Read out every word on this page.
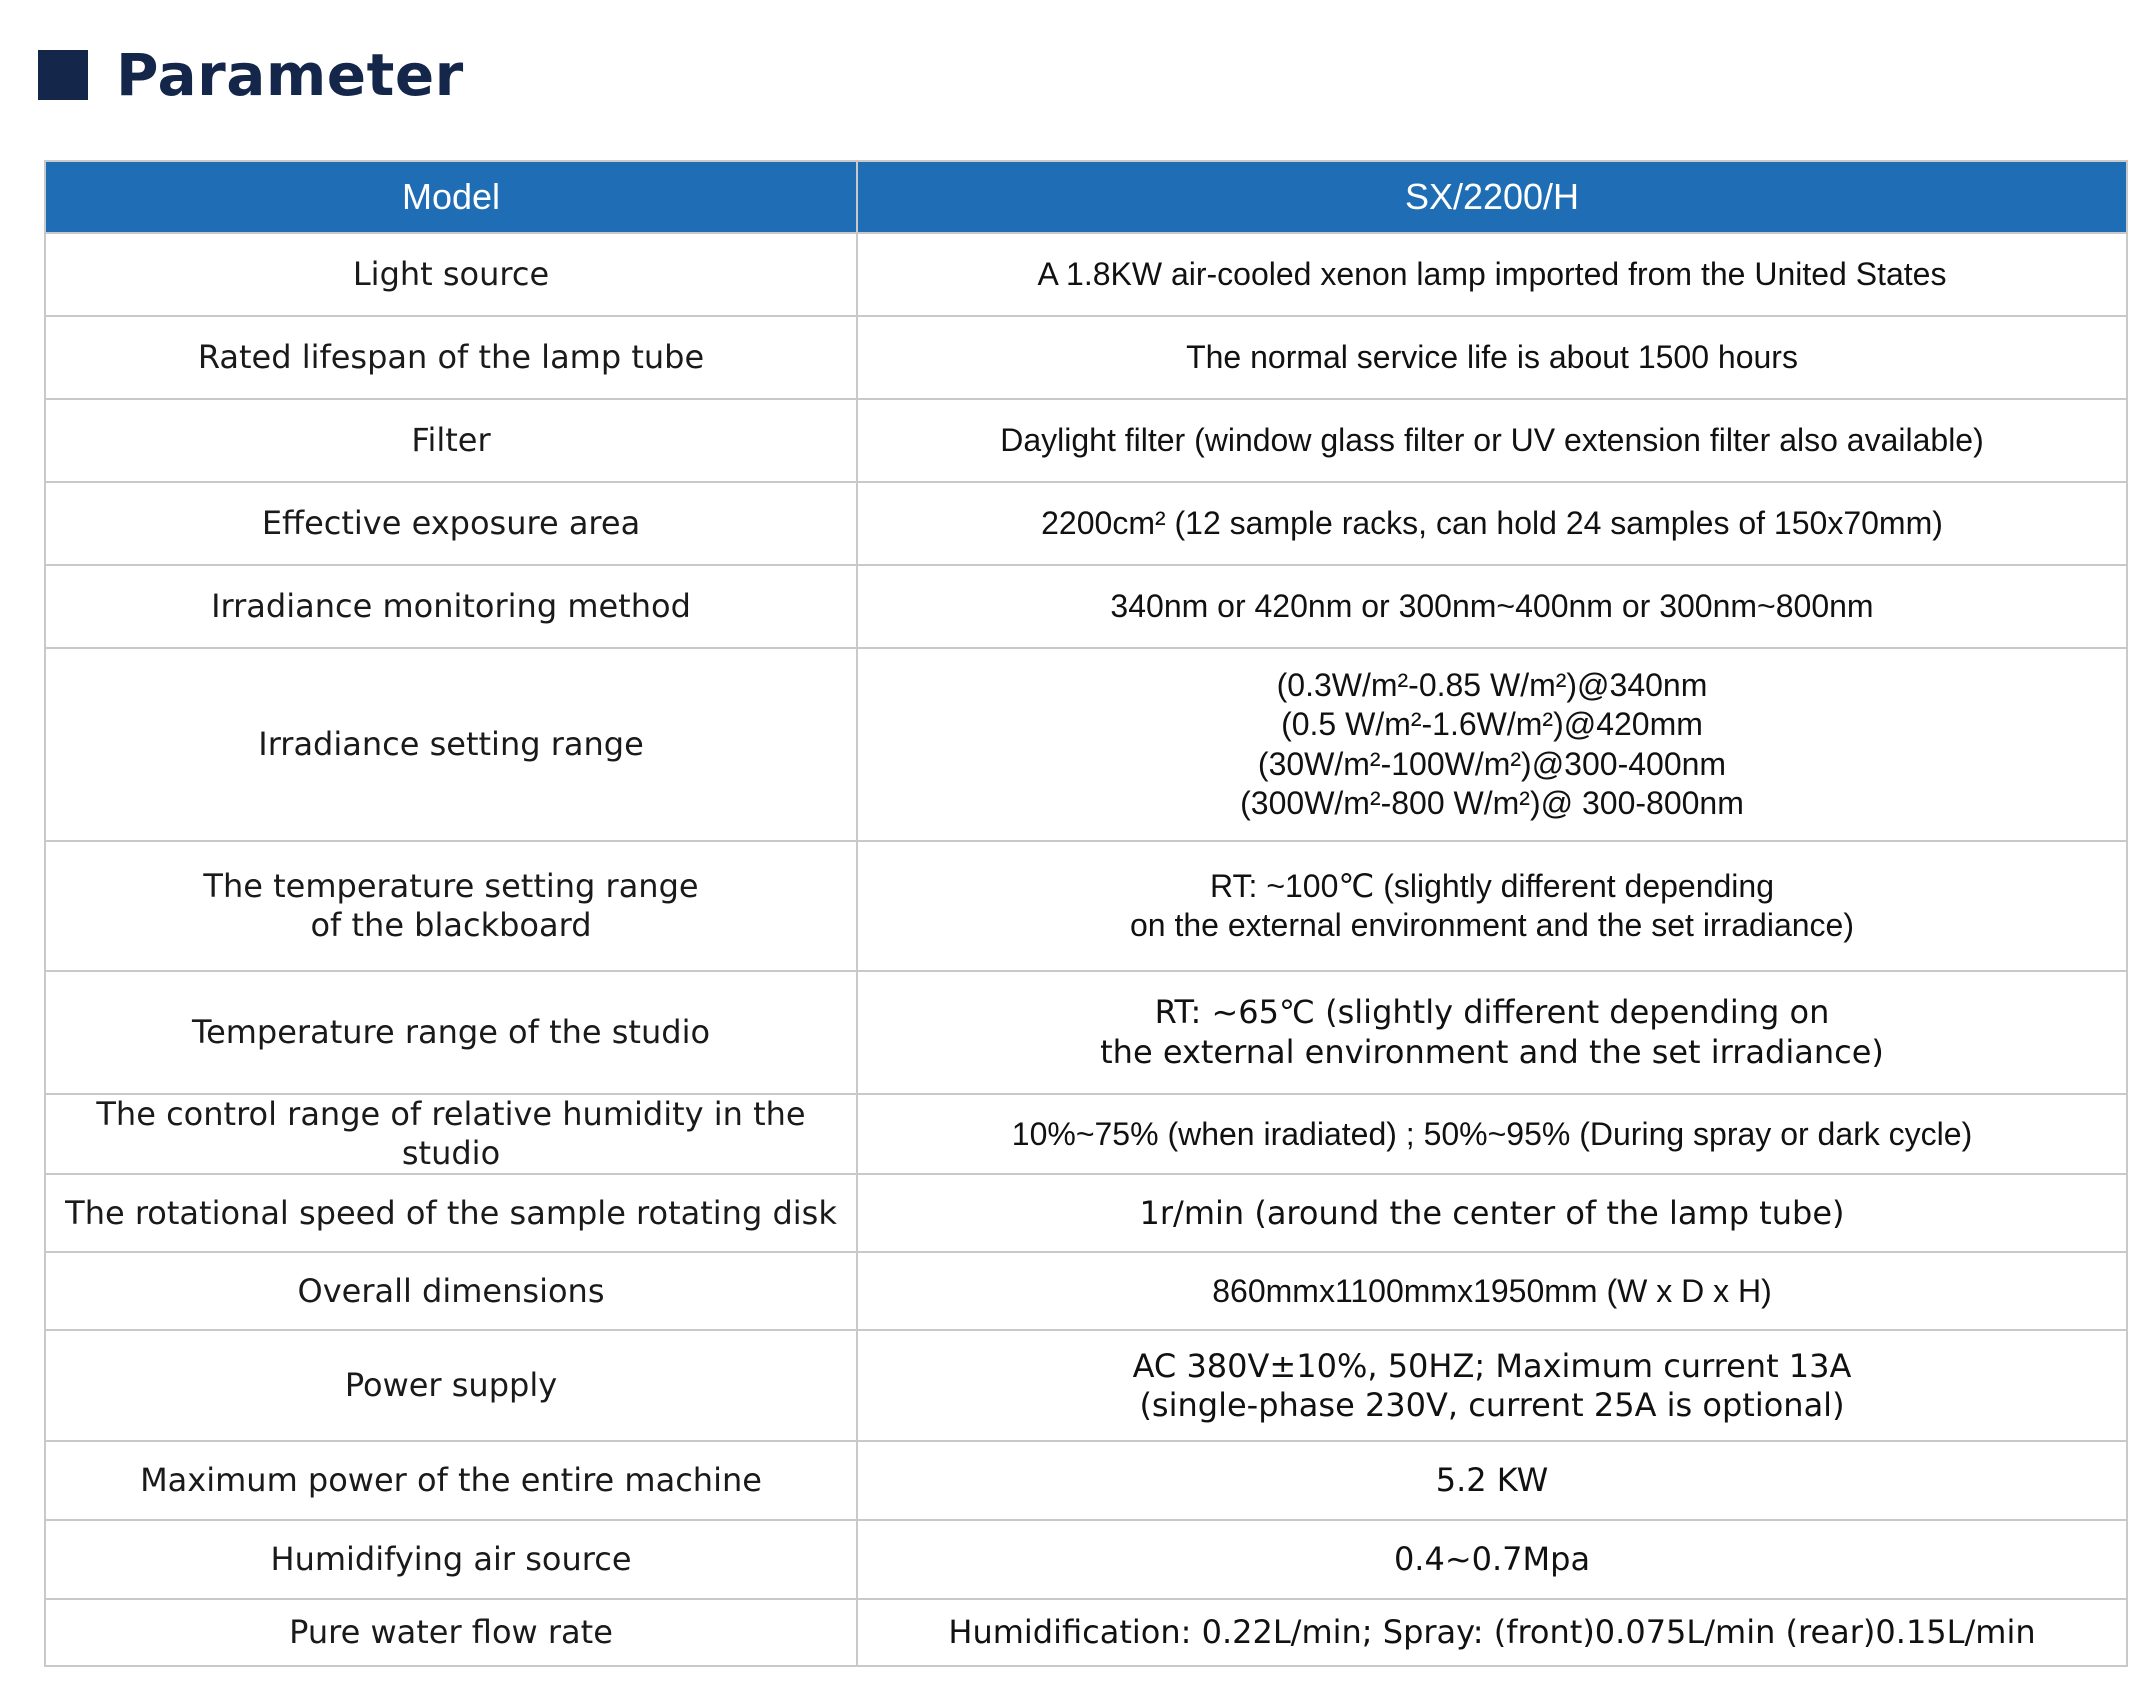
Parameter
Model	SX/2200/H

Light source	A 1.8KW air-cooled xenon lamp imported from the United States

Rated lifespan of the lamp tube	The normal service life is about 1500 hours

Filter	Daylight filter (window glass filter or UV extension filter also available)

Effective exposure area	2200cm² (12 sample racks, can hold 24 samples of 150x70mm)

Irradiance monitoring method	340nm or 420nm or 300nm~400nm or 300nm~800nm

Irradiance setting range	(0.3W/m²-0.85 W/m²)@340nm
(0.5 W/m²-1.6W/m²)@420mm
(30W/m²-100W/m²)@300-400nm
(300W/m²-800 W/m²)@ 300-800nm

The temperature setting range
of the blackboard	RT: ~100℃ (slightly different depending
on the external environment and the set irradiance)

Temperature range of the studio	RT: ~65℃ (slightly different depending on
the external environment and the set irradiance)

The control range of relative humidity in the studio	10%~75% (when iradiated) ; 50%~95% (During spray or dark cycle)

The rotational speed of the sample rotating disk	1r/min (around the center of the lamp tube)

Overall dimensions	860mmx1100mmx1950mm (W x D x H)

Power supply	AC 380V±10%, 50HZ; Maximum current 13A
(single-phase 230V, current 25A is optional)

Maximum power of the entire machine	5.2 KW

Humidifying air source	0.4~0.7Mpa

Pure water flow rate	Humidification: 0.22L/min; Spray: (front)0.075L/min (rear)0.15L/min
